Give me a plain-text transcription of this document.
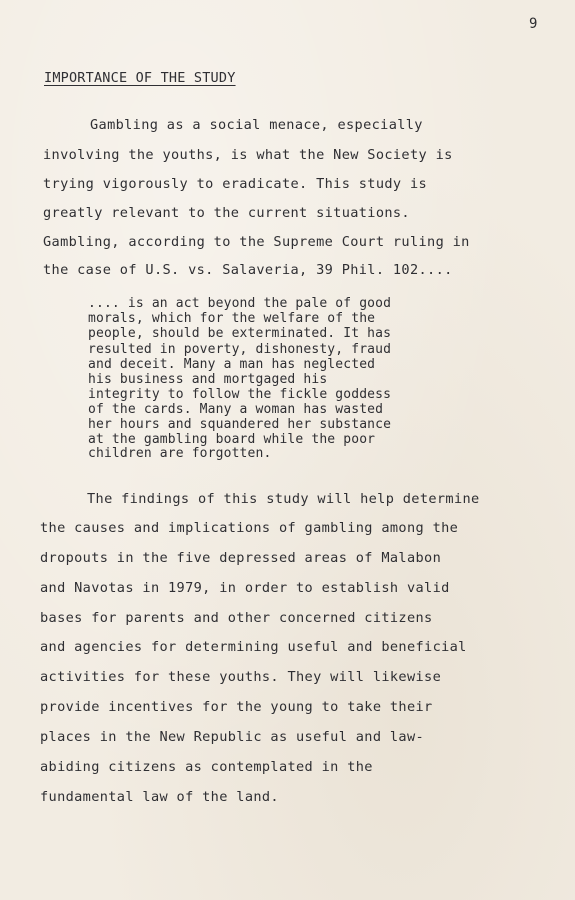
9
IMPORTANCE OF THE STUDY
Gambling as a social menace, especially
involving the youths, is what the New Society is
trying vigorously to eradicate. This study is
greatly relevant to the current situations.
Gambling, according to the Supreme Court ruling in
the case of U.S. vs. Salaveria, 39 Phil. 102....
.... is an act beyond the pale of good
morals, which for the welfare of the
people, should be exterminated. It has
resulted in poverty, dishonesty, fraud
and deceit. Many a man has neglected
his business and mortgaged his
integrity to follow the fickle goddess
of the cards. Many a woman has wasted
her hours and squandered her substance
at the gambling board while the poor
children are forgotten.
The findings of this study will help determine
the causes and implications of gambling among the
dropouts in the five depressed areas of Malabon
and Navotas in 1979, in order to establish valid
bases for parents and other concerned citizens
and agencies for determining useful and beneficial
activities for these youths. They will likewise
provide incentives for the young to take their
places in the New Republic as useful and law-
abiding citizens as contemplated in the
fundamental law of the land.
